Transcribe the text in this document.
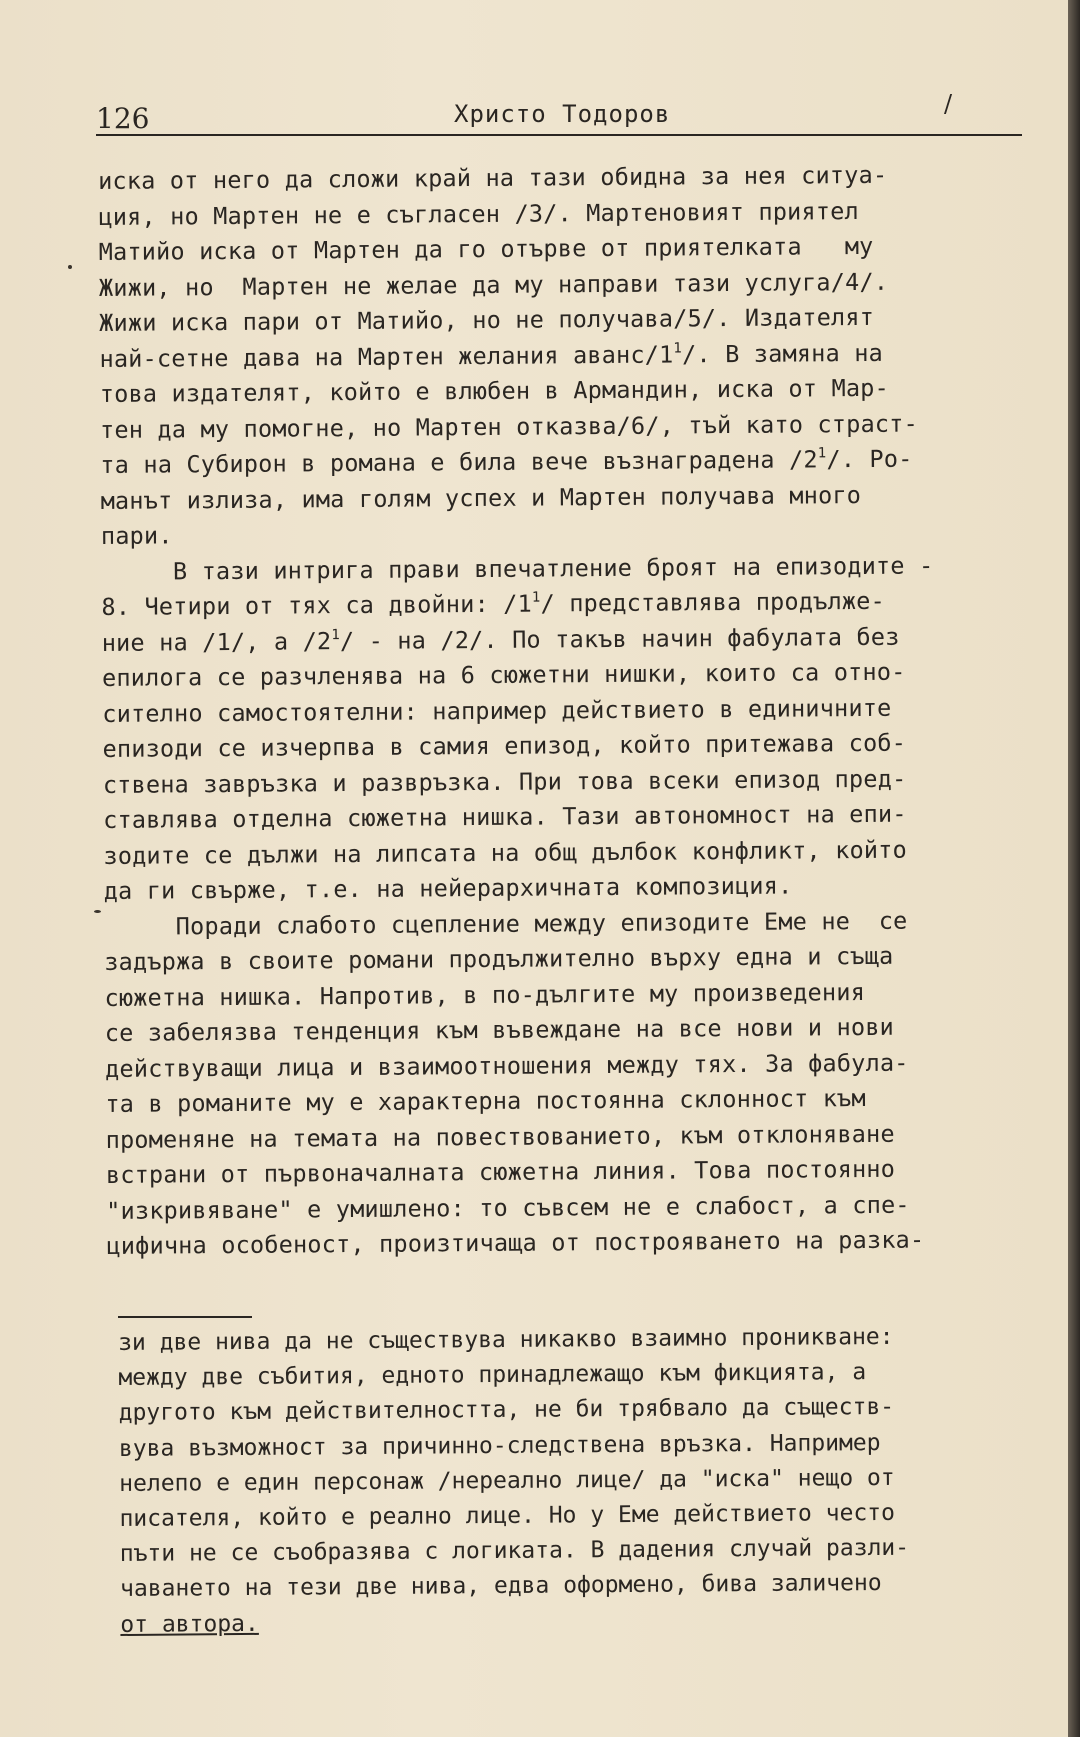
126	Христо Тодоров	/
иска от него да сложи край на тази обидна за нея ситуа-
ция, но Мартен не е съгласен /3/. Мартеновият приятел
Матийо иска от Мартен да го отърве от приятелката   му
Жижи, но  Мартен не желае да му направи тази услуга/4/.
Жижи иска пари от Матийо, но не получава/5/. Издателят
най-сетне дава на Мартен желания аванс/$1^1/$. В замяна на
това издателят, който е влюбен в Армандин, иска от Мар-
тен да му помогне, но Мартен отказва/6/, тъй като страст-
та на Субирон в романа е била вече възнаградена $/2^1/$. Ро-
манът излиза, има голям успех и Мартен получава много
пари.
В тази интрига прави впечатление броят на епизодите -
8. Четири от тях са двойни: $/1^1/$ представлява продълже-
ние на /1/, а $/2^1/$ - на /2/. По такъв начин фабулата без
епилога се разчленява на 6 сюжетни нишки, които са отно-
сително самостоятелни: например действието в единичните
епизоди се изчерпва в самия епизод, който притежава соб-
ствена завръзка и развръзка. При това всеки епизод пред-
ставлява отделна сюжетна нишка. Тази автономност на епи-
зодите се дължи на липсата на общ дълбок конфликт, който
да ги свърже, т.е. на нейерархичната композиция.
Поради слабото сцепление между епизодите Еме не  се
задържа в своите романи продължително върху една и съща
сюжетна нишка. Напротив, в по-дългите му произведения
се забелязва тенденция към въвеждане на все нови и нови
действуващи лица и взаимоотношения между тях. За фабула-
та в романите му е характерна постоянна склонност към
променяне на темата на повествованието, към отклоняване
встрани от първоначалната сюжетна линия. Това постоянно
"изкривяване" е умишлено: то съвсем не е слабост, а спе-
цифична особеност, произтичаща от построяването на разка-
зи две нива да не съществува никакво взаимно проникване:
между две събития, едното принадлежащо към фикцията, а
другото към действителността, не би трябвало да съществ-
вува възможност за причинно-следствена връзка. Например
нелепо е един персонаж /нереално лице/ да "иска" нещо от
писателя, който е реално лице. Но у Еме действието често
пъти не се съобразява с логиката. В дадения случай разли-
чаването на тези две нива, едва оформено, бива заличено
от автора.
